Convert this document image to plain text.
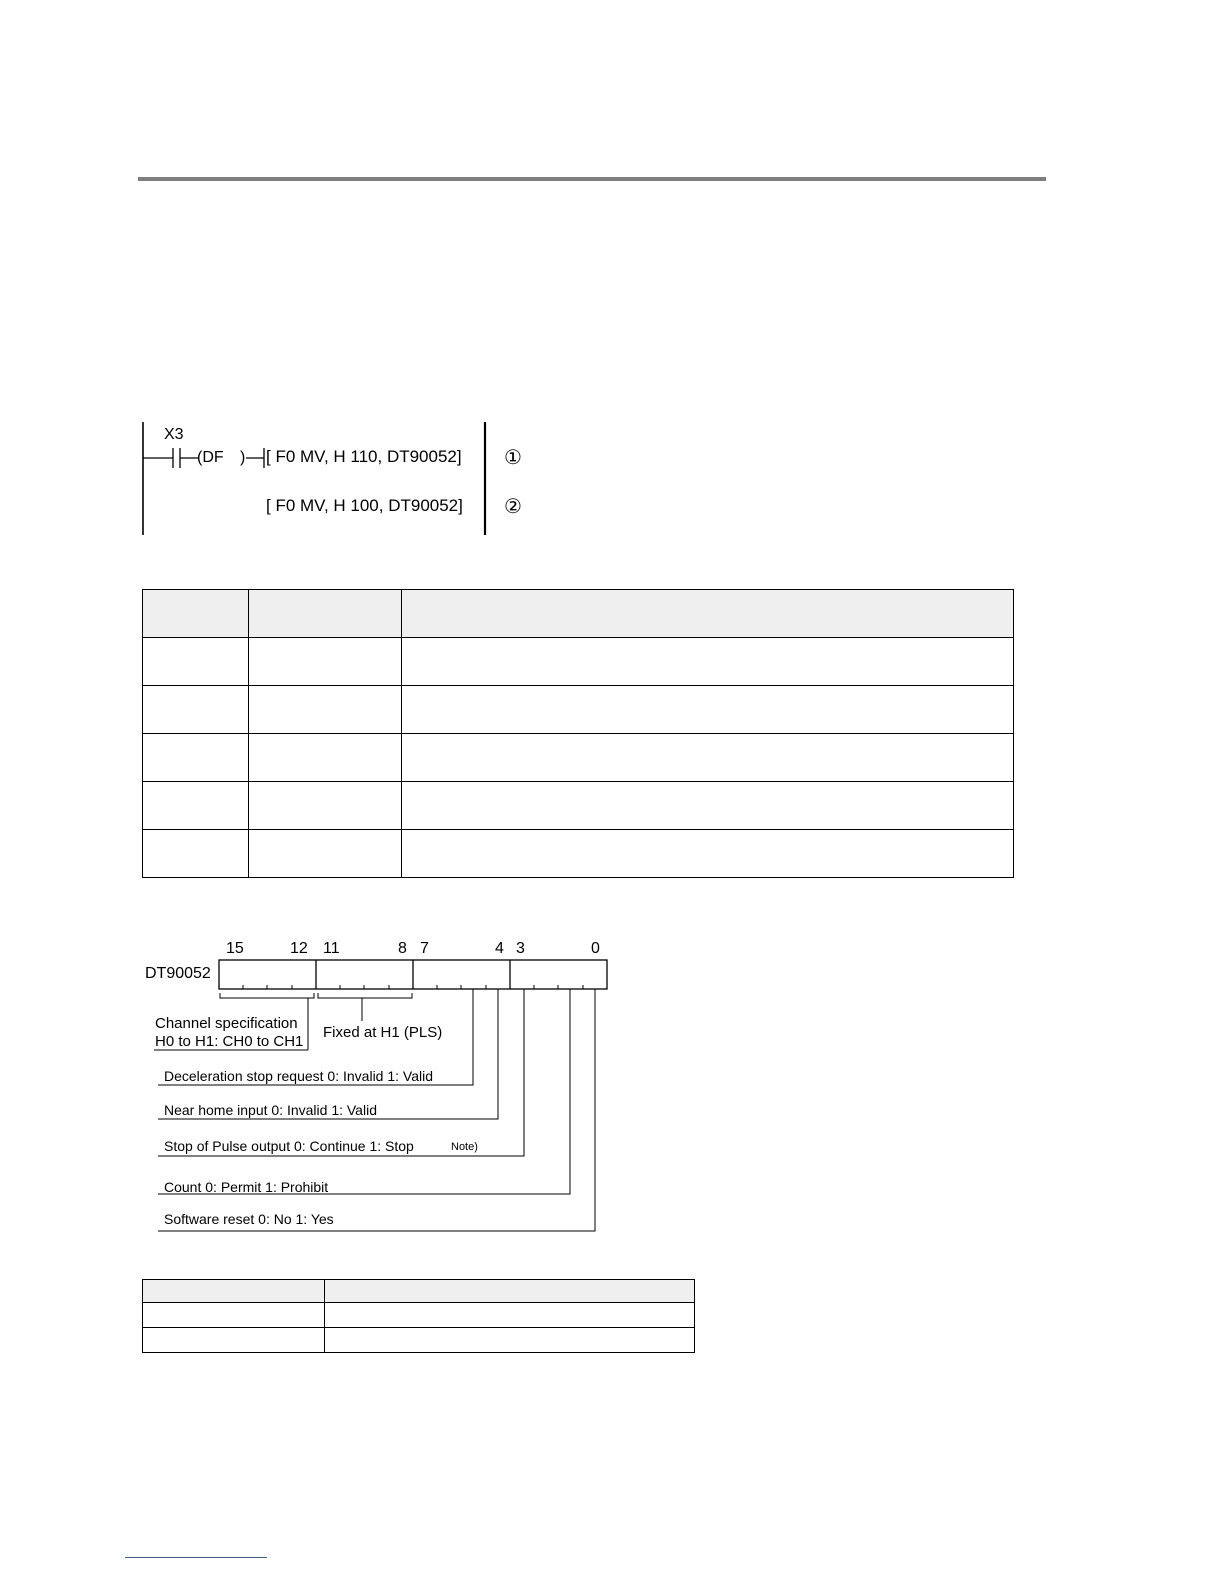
X3
(DF ) [ F0 MV, H 110, DT90052]
[ F0 MV, H 100, DT90052]
①
②

DT90052
15	12 11	8 7	4 3	0
Channel specification
H0 to H1: CH0 to CH1
Fixed at H1 (PLS)
Deceleration stop request 0: Invalid 1: Valid
Near home input 0: Invalid 1: Valid
Stop of Pulse output 0: Continue 1: Stop	Note)
Count 0: Permit 1: Prohibit
Software reset 0: No 1: Yes
